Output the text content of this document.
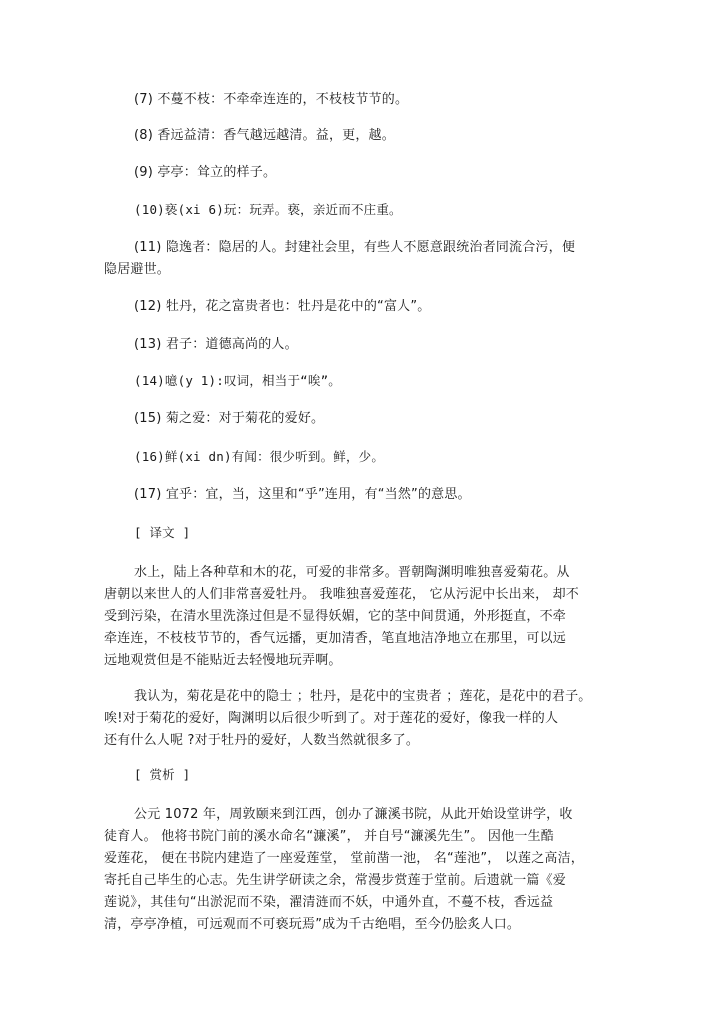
(7) 不蔓不枝：不牵牵连连的，不枝枝节节的。
(8) 香远益清：香气越远越清。益，更，越。
(9) 亭亭：耸立的样子。
(10)亵(xi 6)玩：玩弄。亵，亲近而不庄重。
(11) 隐逸者：隐居的人。封建社会里，有些人不愿意跟统治者同流合污，便
隐居避世。
(12) 牡丹，花之富贵者也：牡丹是花中的“富人”。
(13) 君子：道德高尚的人。
(14)噫(y 1):叹词，相当于“唉”。
(15) 菊之爱：对于菊花的爱好。
(16)鲜(xi dn)有闻：很少听到。鲜，少。
(17) 宜乎：宜，当，这里和“乎”连用，有“当然”的意思。
[ 译文 ]
水上，陆上各种草和木的花，可爱的非常多。晋朝陶渊明唯独喜爱菊花。从
唐朝以来世人的人们非常喜爱牡丹。 我唯独喜爱莲花， 它从污泥中长出来， 却不
受到污染，在清水里洗涤过但是不显得妖媚，它的茎中间贯通，外形挺直，不牵
牵连连，不枝枝节节的，香气远播，更加清香，笔直地洁净地立在那里，可以远
远地观赏但是不能贴近去轻慢地玩弄啊。
我认为，菊花是花中的隐士 ；牡丹，是花中的宝贵者 ；莲花，是花中的君子。
唉!对于菊花的爱好，陶渊明以后很少听到了。对于莲花的爱好，像我一样的人
还有什么人呢 ?对于牡丹的爱好，人数当然就很多了。
[ 赏析 ]
公元 1072 年，周敦颐来到江西，创办了濂溪书院，从此开始设堂讲学，收
徒育人。 他将书院门前的溪水命名“濂溪”， 并自号“濂溪先生”。 因他一生酷
爱莲花， 便在书院内建造了一座爱莲堂， 堂前凿一池， 名“莲池”， 以莲之高洁，
寄托自己毕生的心志。先生讲学研读之余，常漫步赏莲于堂前。后遗就一篇《爱
莲说》，其佳句“出淤泥而不染，濯清涟而不妖，中通外直，不蔓不枝，香远益
清，亭亭净植，可远观而不可亵玩焉”成为千古绝唱，至今仍脍炙人口。
